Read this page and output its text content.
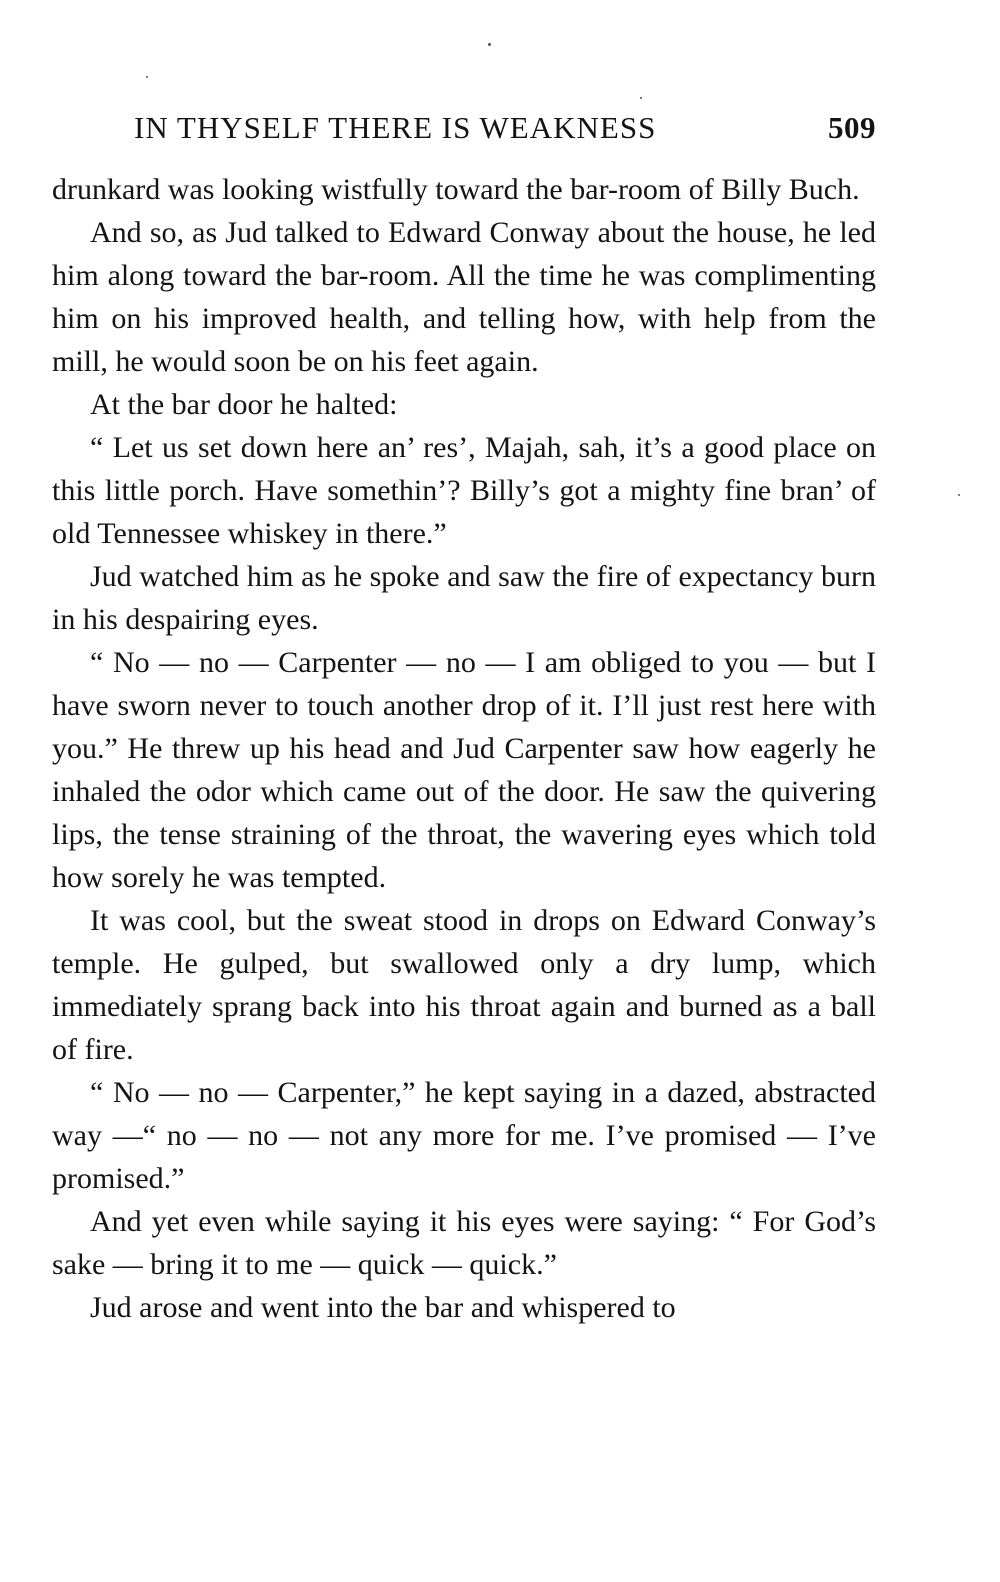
IN THYSELF THERE IS WEAKNESS	509

drunkard was looking wistfully toward the bar-room of Billy Buch.

And so, as Jud talked to Edward Conway about the house, he led him along toward the bar-room. All the time he was complimenting him on his improved health, and telling how, with help from the mill, he would soon be on his feet again.

At the bar door he halted:

“ Let us set down here an’ res’, Majah, sah, it’s a good place on this little porch. Have somethin’? Billy’s got a mighty fine bran’ of old Tennessee whiskey in there.”

Jud watched him as he spoke and saw the fire of expectancy burn in his despairing eyes.

“ No — no — Carpenter — no — I am obliged to you — but I have sworn never to touch another drop of it. I’ll just rest here with you.” He threw up his head and Jud Carpenter saw how eagerly he inhaled the odor which came out of the door. He saw the quivering lips, the tense straining of the throat, the wavering eyes which told how sorely he was tempted.

It was cool, but the sweat stood in drops on Edward Conway’s temple. He gulped, but swallowed only a dry lump, which immediately sprang back into his throat again and burned as a ball of fire.

“ No — no — Carpenter,” he kept saying in a dazed, abstracted way —“ no — no — not any more for me. I’ve promised — I’ve promised.”

And yet even while saying it his eyes were saying: “ For God’s sake — bring it to me — quick — quick.”

Jud arose and went into the bar and whispered to
